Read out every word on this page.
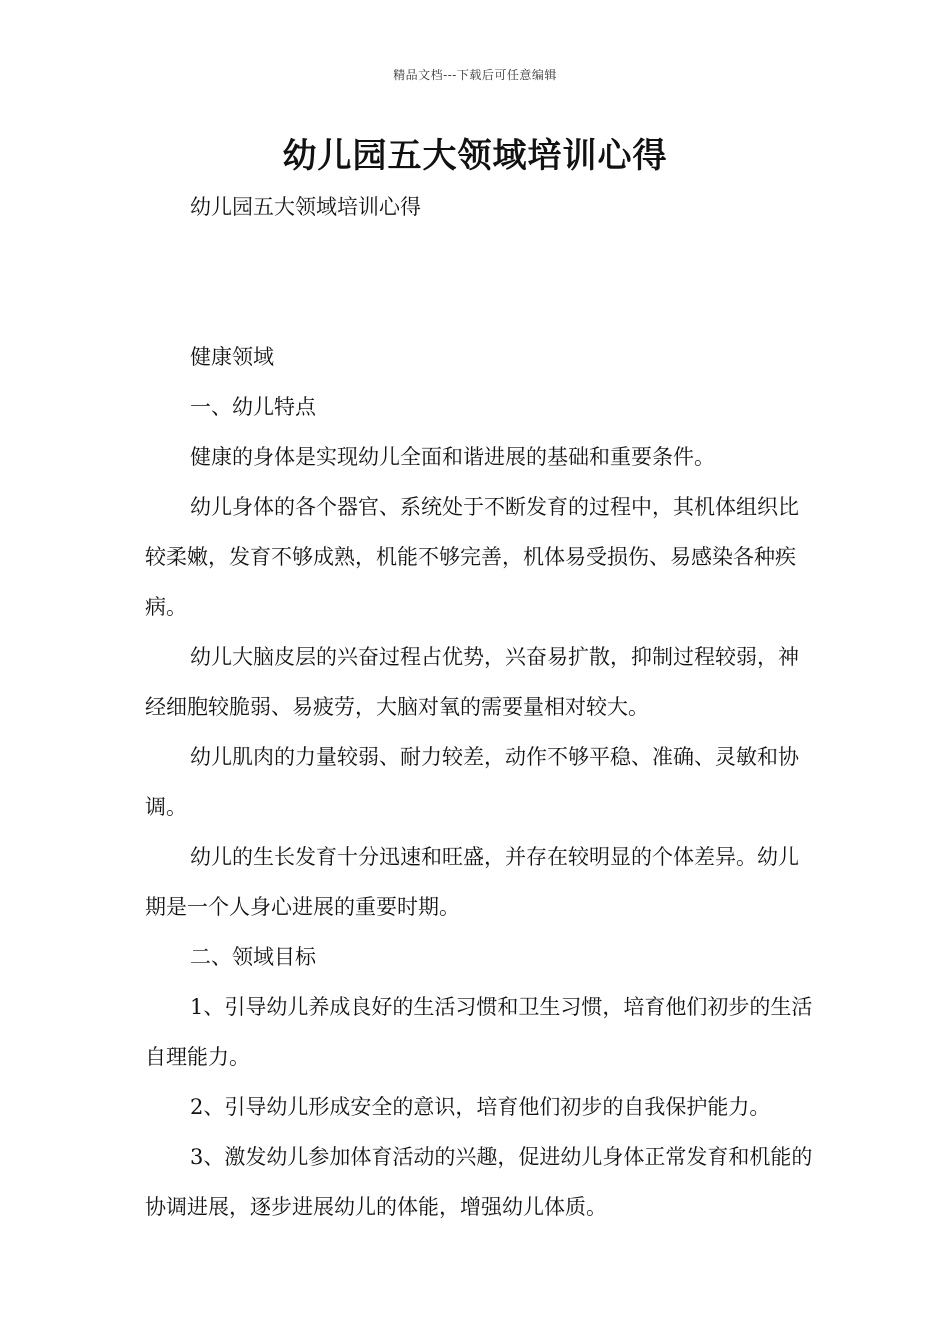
精品文档---下载后可任意编辑
幼儿园五大领域培训心得

幼儿园五大领域培训心得

健康领域

一、幼儿特点

健康的身体是实现幼儿全面和谐进展的基础和重要条件。

幼儿身体的各个器官、系统处于不断发育的过程中，其机体组织比较柔嫩，发育不够成熟，机能不够完善，机体易受损伤、易感染各种疾病。

幼儿大脑皮层的兴奋过程占优势，兴奋易扩散，抑制过程较弱，神经细胞较脆弱、易疲劳，大脑对氧的需要量相对较大。

幼儿肌肉的力量较弱、耐力较差，动作不够平稳、准确、灵敏和协调。

幼儿的生长发育十分迅速和旺盛，并存在较明显的个体差异。幼儿期是一个人身心进展的重要时期。

二、领域目标

1、引导幼儿养成良好的生活习惯和卫生习惯，培育他们初步的生活自理能力。

2、引导幼儿形成安全的意识，培育他们初步的自我保护能力。

3、激发幼儿参加体育活动的兴趣，促进幼儿身体正常发育和机能的协调进展，逐步进展幼儿的体能，增强幼儿体质。
